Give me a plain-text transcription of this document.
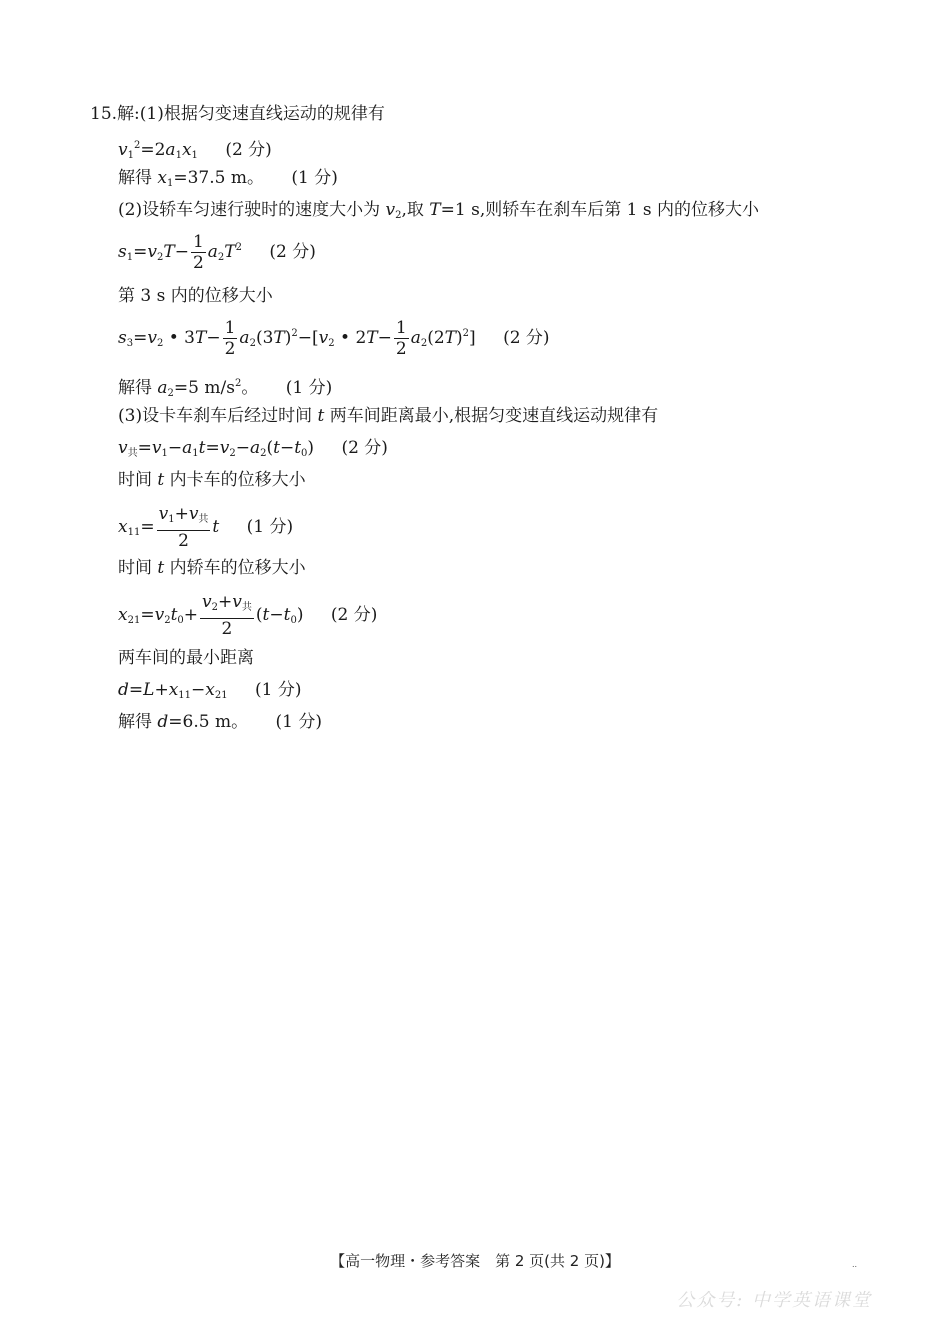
15.解:(1)根据匀变速直线运动的规律有
$v_1^2=2a_1x_1$ (2 分)
解得 $x_1=37.5$ m。 (1 分)
(2)设轿车匀速行驶时的速度大小为 $v_2$,取 T=1 s,则轿车在刹车后第 1 s 内的位移大小
$s_1=v_2T- \frac{1}{2} a_2T^2$ (2 分)
第 3 s 内的位移大小
$s_3=v_2$ • $3T- \frac{1}{2} a_2(3T)^2-[v_2$ • $2T- \frac{1}{2} a_2(2T)^2$] (2 分)
解得 $a_2=5$ $m/s^2$。 (1 分)
(3)设卡车刹车后经过时间 t 两车间距离最小,根据匀变速直线运动规律有
$v_共=v_1-a_1t=v_2-a_2(t-t_0)$ (2 分)
时间 t 内卡车的位移大小
$x_{11}= \frac{v_1+v_共}{2}$ t (1 分)
时间 t 内轿车的位移大小
$x_{21}=v_2t_0+ \frac{v_2+v_共}{2} (t-t_0)$ (2 分)
两车间的最小距离
$d=L+x_{11}-x_{21}$ (1 分)
解得 d=6.5 m。 (1 分)
【高一物理・参考答案　第 2 页(共 2 页)】	..
公众号: 中学英语课堂
